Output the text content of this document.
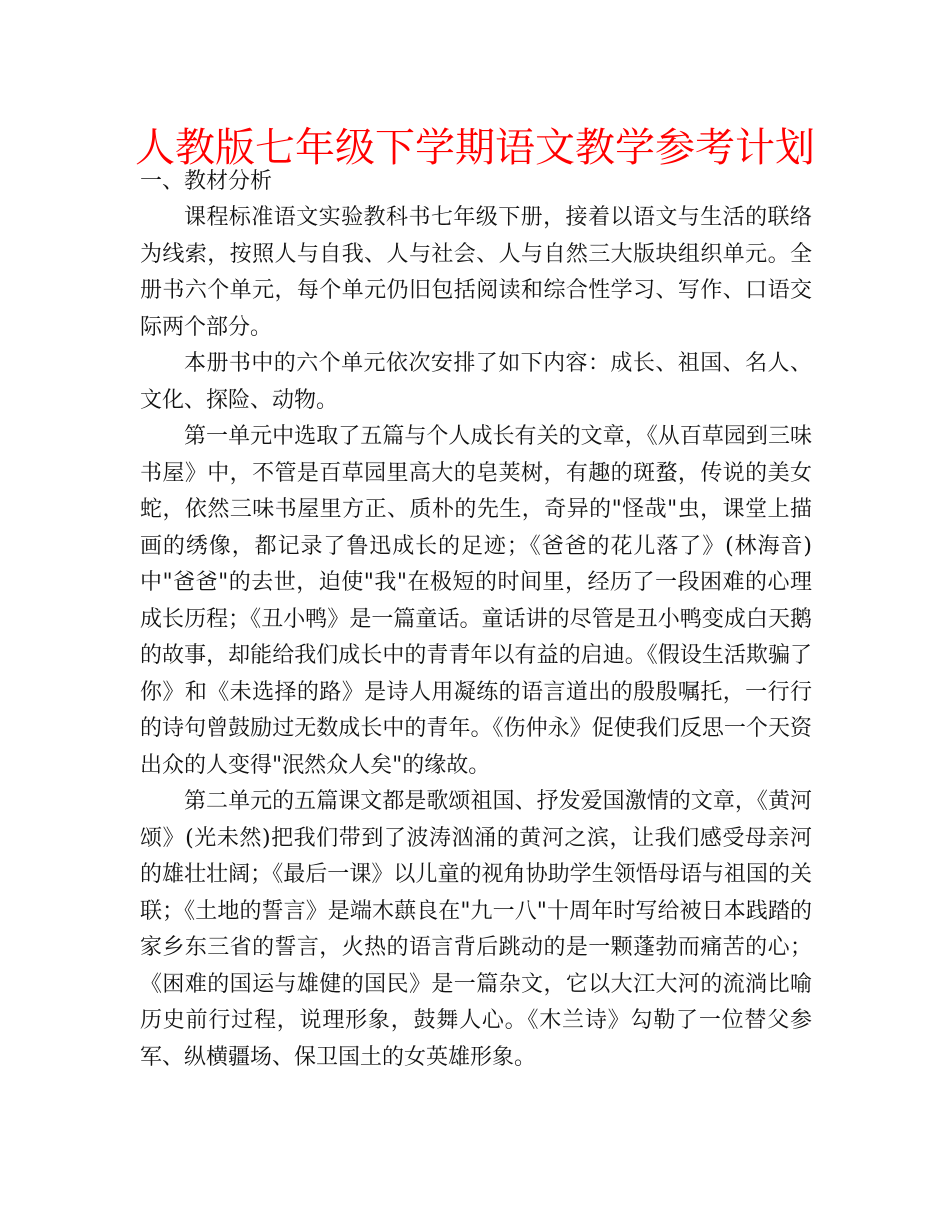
人教版七年级下学期语文教学参考计划
一、教材分析

课程标准语文实验教科书七年级下册，接着以语文与生活的联络为线索，按照人与自我、人与社会、人与自然三大版块组织单元。全册书六个单元，每个单元仍旧包括阅读和综合性学习、写作、口语交际两个部分。

本册书中的六个单元依次安排了如下内容：成长、祖国、名人、文化、探险、动物。

第一单元中选取了五篇与个人成长有关的文章，《从百草园到三味书屋》中，不管是百草园里高大的皂荚树，有趣的斑蝥，传说的美女蛇，依然三味书屋里方正、质朴的先生，奇异的"怪哉"虫，课堂上描画的绣像，都记录了鲁迅成长的足迹；《爸爸的花儿落了》(林海音)中"爸爸"的去世，迫使"我"在极短的时间里，经历了一段困难的心理成长历程；《丑小鸭》是一篇童话。童话讲的尽管是丑小鸭变成白天鹅的故事，却能给我们成长中的青青年以有益的启迪。《假设生活欺骗了你》和《未选择的路》是诗人用凝练的语言道出的殷殷嘱托，一行行的诗句曾鼓励过无数成长中的青年。《伤仲永》促使我们反思一个天资出众的人变得"泯然众人矣"的缘故。

第二单元的五篇课文都是歌颂祖国、抒发爱国激情的文章，《黄河颂》(光未然)把我们带到了波涛汹涌的黄河之滨，让我们感受母亲河的雄壮壮阔；《最后一课》以儿童的视角协助学生领悟母语与祖国的关联；《土地的誓言》是端木蕻良在"九一八"十周年时写给被日本践踏的家乡东三省的誓言，火热的语言背后跳动的是一颗蓬勃而痛苦的心；《困难的国运与雄健的国民》是一篇杂文，它以大江大河的流淌比喻历史前行过程，说理形象，鼓舞人心。《木兰诗》勾勒了一位替父参军、纵横疆场、保卫国土的女英雄形象。
